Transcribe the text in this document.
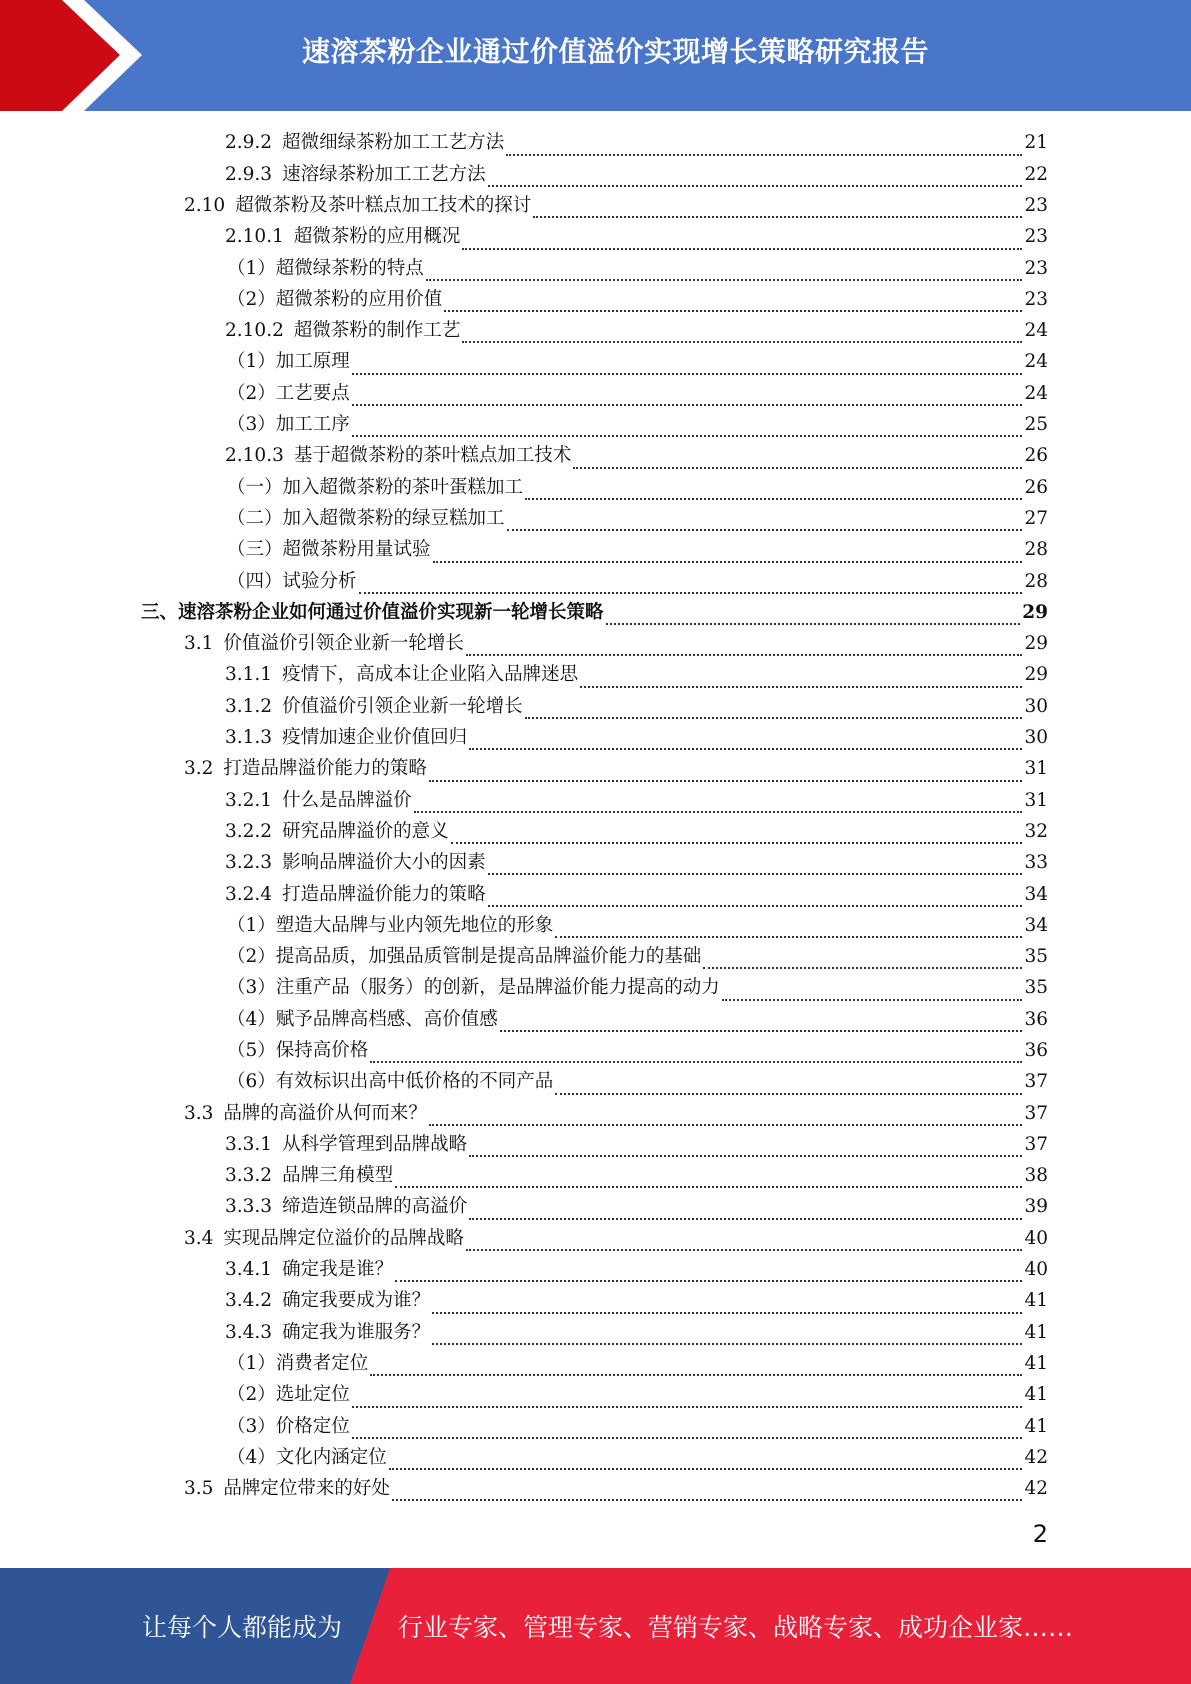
速溶茶粉企业通过价值溢价实现增长策略研究报告
2.9.2 超微细绿茶粉加工工艺方法	21
2.9.3 速溶绿茶粉加工工艺方法	22
2.10 超微茶粉及茶叶糕点加工技术的探讨	23
2.10.1 超微茶粉的应用概况	23
（1）超微绿茶粉的特点	23
（2）超微茶粉的应用价值	23
2.10.2 超微茶粉的制作工艺	24
（1）加工原理	24
（2）工艺要点	24
（3）加工工序	25
2.10.3 基于超微茶粉的茶叶糕点加工技术	26
（一）加入超微茶粉的茶叶蛋糕加工	26
（二）加入超微茶粉的绿豆糕加工	27
（三）超微茶粉用量试验	28
（四）试验分析	28
三、速溶茶粉企业如何通过价值溢价实现新一轮增长策略	29
3.1 价值溢价引领企业新一轮增长	29
3.1.1 疫情下，高成本让企业陷入品牌迷思	29
3.1.2 价值溢价引领企业新一轮增长	30
3.1.3 疫情加速企业价值回归	30
3.2 打造品牌溢价能力的策略	31
3.2.1 什么是品牌溢价	31
3.2.2 研究品牌溢价的意义	32
3.2.3 影响品牌溢价大小的因素	33
3.2.4 打造品牌溢价能力的策略	34
（1）塑造大品牌与业内领先地位的形象	34
（2）提高品质，加强品质管制是提高品牌溢价能力的基础	35
（3）注重产品（服务）的创新，是品牌溢价能力提高的动力	35
（4）赋予品牌高档感、高价值感	36
（5）保持高价格	36
（6）有效标识出高中低价格的不同产品	37
3.3 品牌的高溢价从何而来？	37
3.3.1 从科学管理到品牌战略	37
3.3.2 品牌三角模型	38
3.3.3 缔造连锁品牌的高溢价	39
3.4 实现品牌定位溢价的品牌战略	40
3.4.1 确定我是谁？	40
3.4.2 确定我要成为谁？	41
3.4.3 确定我为谁服务？	41
（1）消费者定位	41
（2）选址定位	41
（3）价格定位	41
（4）文化内涵定位	42
3.5 品牌定位带来的好处	42
2
让每个人都能成为 行业专家、管理专家、营销专家、战略专家、成功企业家……
